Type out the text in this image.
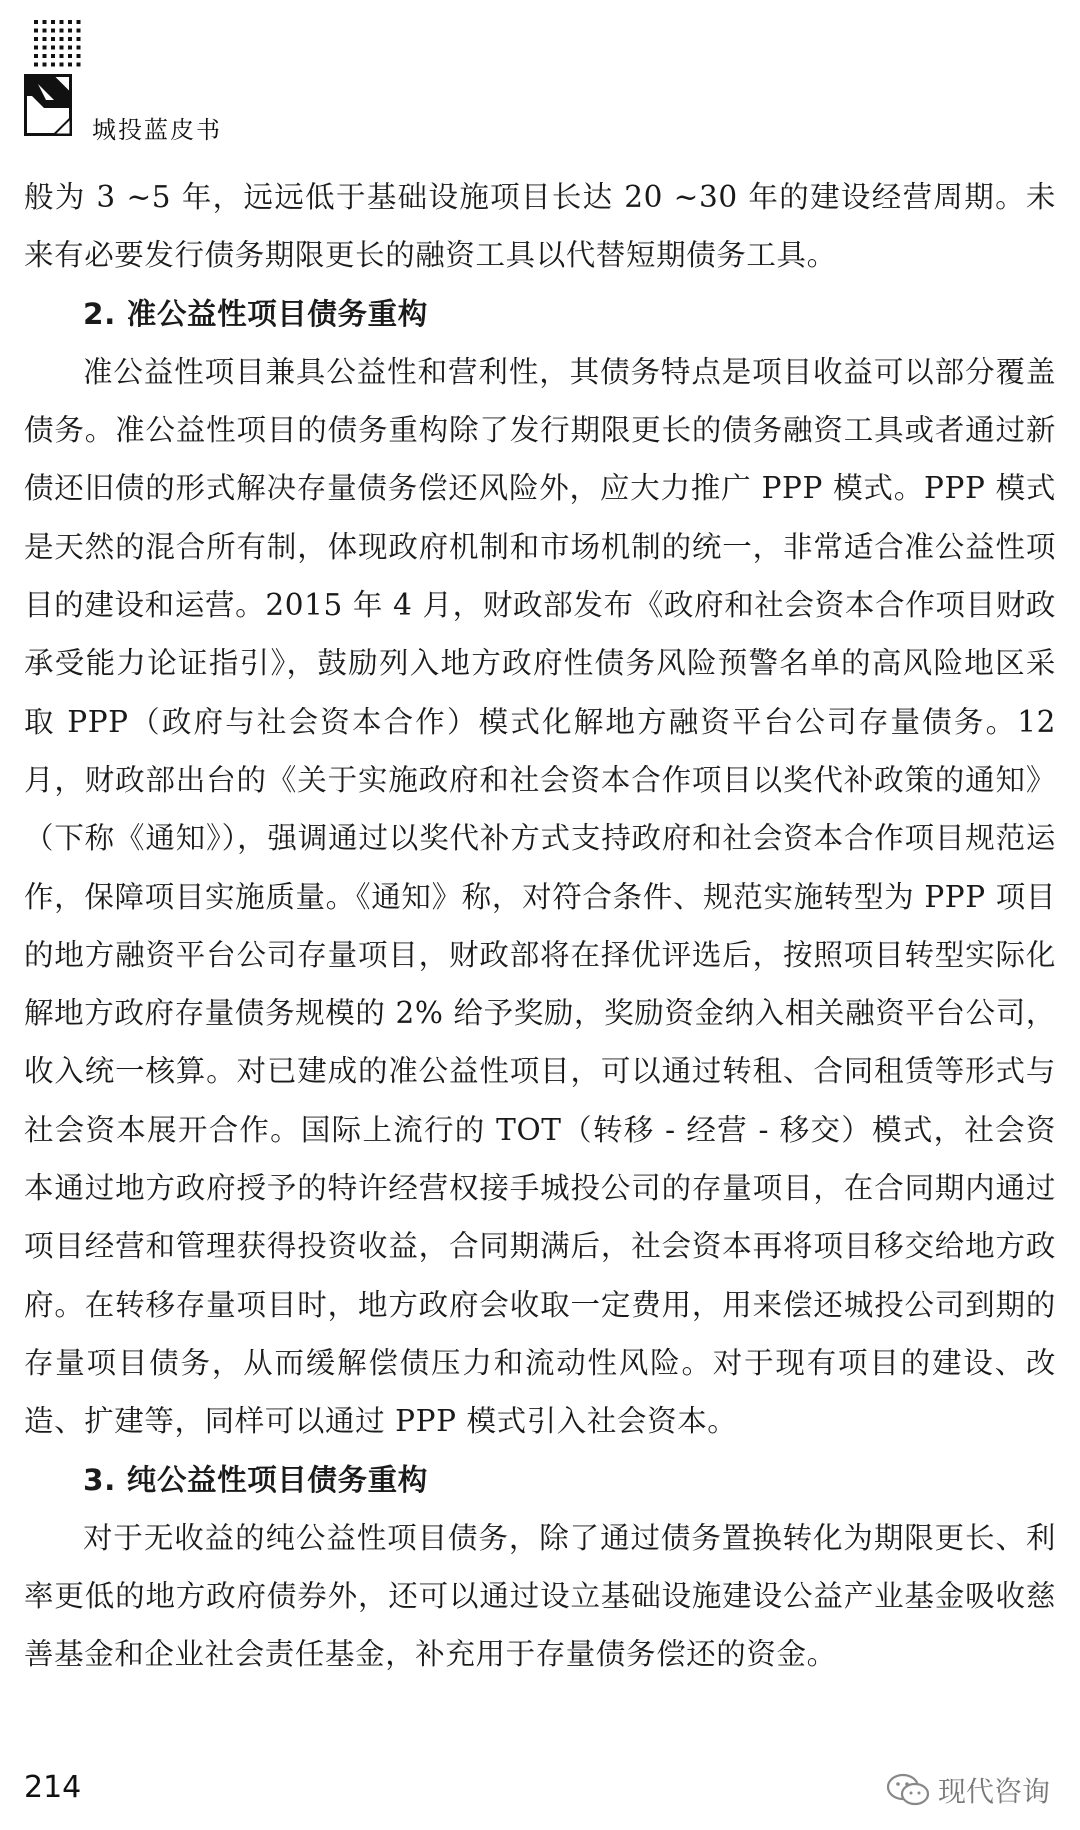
城投蓝皮书

般为 3 ~5 年，远远低于基础设施项目长达 20 ~30 年的建设经营周期。未来有必要发行债务期限更长的融资工具以代替短期债务工具。

2. 准公益性项目债务重构

准公益性项目兼具公益性和营利性，其债务特点是项目收益可以部分覆盖债务。准公益性项目的债务重构除了发行期限更长的债务融资工具或者通过新债还旧债的形式解决存量债务偿还风险外，应大力推广 PPP 模式。PPP 模式是天然的混合所有制，体现政府机制和市场机制的统一，非常适合准公益性项目的建设和运营。2015 年 4 月，财政部发布《政府和社会资本合作项目财政承受能力论证指引》，鼓励列入地方政府性债务风险预警名单的高风险地区采取 PPP（政府与社会资本合作）模式化解地方融资平台公司存量债务。12 月，财政部出台的《关于实施政府和社会资本合作项目以奖代补政策的通知》（下称《通知》），强调通过以奖代补方式支持政府和社会资本合作项目规范运作，保障项目实施质量。《通知》称，对符合条件、规范实施转型为 PPP 项目的地方融资平台公司存量项目，财政部将在择优评选后，按照项目转型实际化解地方政府存量债务规模的 2% 给予奖励，奖励资金纳入相关融资平台公司，收入统一核算。对已建成的准公益性项目，可以通过转租、合同租赁等形式与社会资本展开合作。国际上流行的 TOT（转移 - 经营 - 移交）模式，社会资本通过地方政府授予的特许经营权接手城投公司的存量项目，在合同期内通过项目经营和管理获得投资收益，合同期满后，社会资本再将项目移交给地方政府。在转移存量项目时，地方政府会收取一定费用，用来偿还城投公司到期的存量项目债务，从而缓解偿债压力和流动性风险。对于现有项目的建设、改造、扩建等，同样可以通过 PPP 模式引入社会资本。

3. 纯公益性项目债务重构

对于无收益的纯公益性项目债务，除了通过债务置换转化为期限更长、利率更低的地方政府债券外，还可以通过设立基础设施建设公益产业基金吸收慈善基金和企业社会责任基金，补充用于存量债务偿还的资金。

214	现代咨询
